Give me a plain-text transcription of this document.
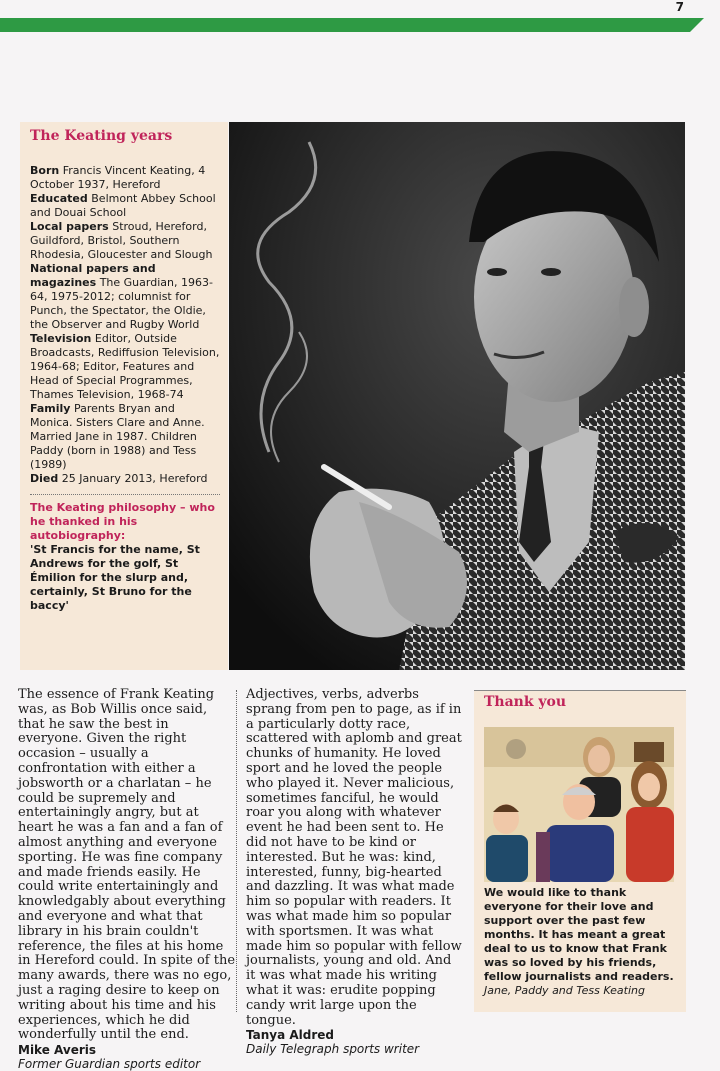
7
The Keating years

Born Francis Vincent Keating, 4 October 1937, Hereford

Educated Belmont Abbey School and Douai School

Local papers Stroud, Hereford, Guildford, Bristol, Southern Rhodesia, Gloucester and Slough

National papers and magazines The Guardian, 1963-64, 1975-2012; columnist for Punch, the Spectator, the Oldie, the Observer and Rugby World

Television Editor, Outside Broadcasts, Rediffusion Television, 1964-68; Editor, Features and Head of Special Programmes, Thames Television, 1968-74

Family Parents Bryan and Monica. Sisters Clare and Anne. Married Jane in 1987. Children Paddy (born in 1988) and Tess (1989)

Died 25 January 2013, Hereford

The Keating philosophy – who he thanked in his autobiography:
'St Francis for the name, St Andrews for the golf, St Émilion for the slurp and, certainly, St Bruno for the baccy'

The essence of Frank Keating was, as Bob Willis once said, that he saw the best in everyone. Given the right occasion – usually a confrontation with either a jobsworth or a charlatan – he could be supremely and entertainingly angry, but at heart he was a fan and a fan of almost anything and everyone sporting. He was fine company and made friends easily. He could write entertainingly and knowledgably about everything and everyone and what that library in his brain couldn't reference, the files at his home in Hereford could. In spite of the many awards, there was no ego, just a raging desire to keep on writing about his time and his experiences, which he did wonderfully until the end.

Mike Averis
Former Guardian sports editor

Adjectives, verbs, adverbs sprang from pen to page, as if in a particularly dotty race, scattered with aplomb and great chunks of humanity. He loved sport and he loved the people who played it. Never malicious, sometimes fanciful, he would roar you along with whatever event he had been sent to. He did not have to be kind or interested. But he was: kind, interested, funny, big-hearted and dazzling. It was what made him so popular with readers. It was what made him so popular with sportsmen. It was what made him so popular with fellow journalists, young and old. And it was what made his writing what it was: erudite popping candy writ large upon the tongue.

Tanya Aldred
Daily Telegraph sports writer
Thank you
We would like to thank everyone for their love and support over the past few months. It has meant a great deal to us to know that Frank was so loved by his friends, fellow journalists and readers.
Jane, Paddy and Tess Keating
